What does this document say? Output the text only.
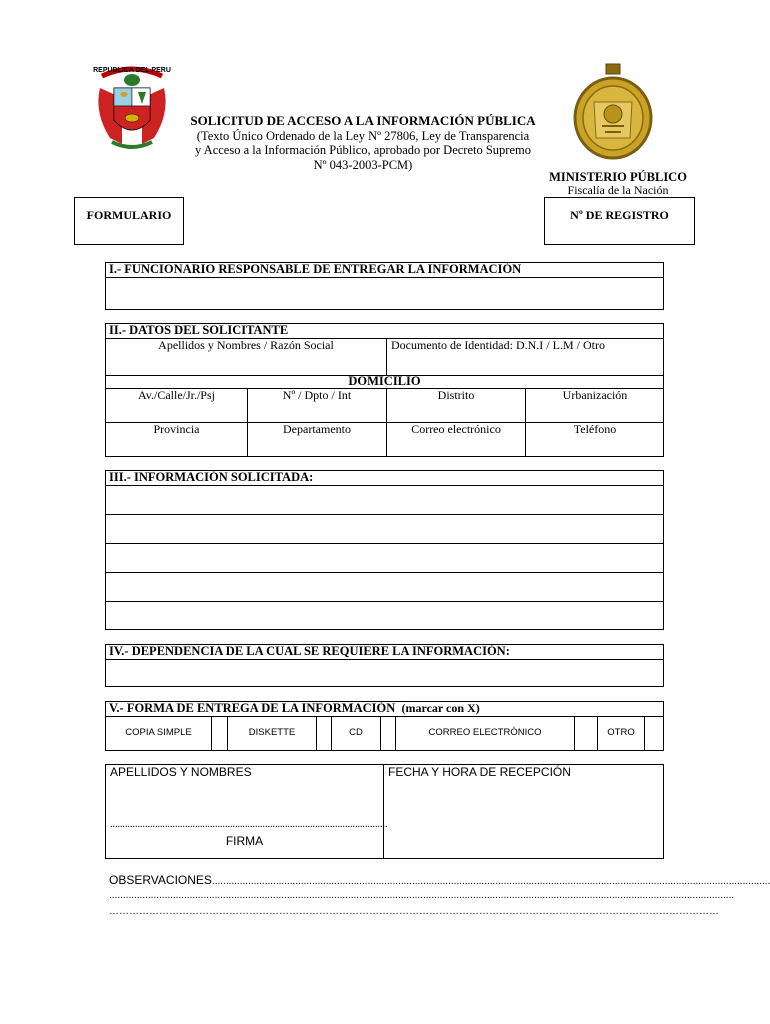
REPUBLICA DEL PERU
SOLICITUD DE ACCESO A LA INFORMACIÓN PÚBLICA
(Texto Único Ordenado de la Ley Nº 27806, Ley de Transparencia
y Acceso a la Información Público, aprobado por Decreto Supremo
Nº 043-2003-PCM)
MINISTERIO PÚBLICO
Fiscalía de la Nación
FORMULARIO	Nº DE REGISTRO
I.- FUNCIONARIO RESPONSABLE DE ENTREGAR LA INFORMACIÓN
II.- DATOS DEL SOLICITANTE
Apellidos y Nombres / Razón Social	Documento de Identidad: D.N.I / L.M / Otro
DOMICILIO
Av./Calle/Jr./Psj	Nº / Dpto / Int	Distrito	Urbanización
Provincia	Departamento	Correo electrónico	Teléfono
III.- INFORMACIÓN SOLICITADA:
IV.- DEPENDENCIA DE LA CUAL SE REQUIERE LA INFORMACIÓN:
V.- FORMA DE ENTREGA DE LA INFORMACIÓN (marcar con X)
COPIA SIMPLE	DISKETTE	CD	CORREO ELECTRÓNICO	OTRO
APELLIDOS Y NOMBRES	FECHA Y HORA DE RECEPCIÓN
...............................................................................................................
FIRMA
OBSERVACIONES.........................................................................................................................................................................................................
.................................................................................................................................................................................................................................
…………………………………………………………………………………………………………………………………………………………………
